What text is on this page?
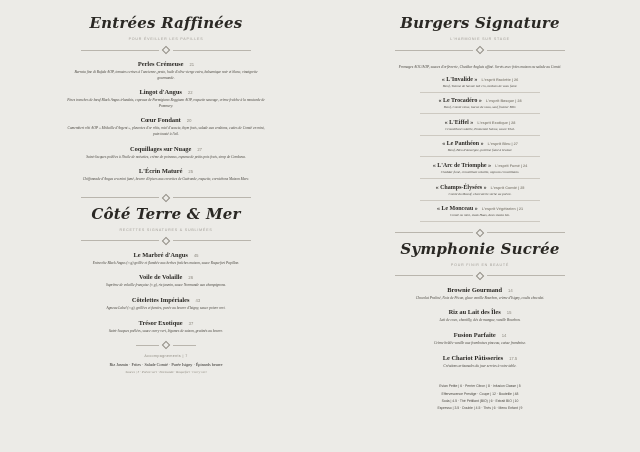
Entrées Raffinées
POUR ÉVEILLER LES PAPILLES
Perles Crémeuse 21
Burrata fine di Bufala AOP, tomates cerises à l'ancienne, pesto, huile d'olive vierge extra, balsamique noir et blanc, vinaigrette gourmande.
Lingot d'Angus 22
Fines tranches de bœuf Black Angus irlandais, copeaux de Parmigiano Reggiano AOP, roquette sauvage, crème fraîche à la moutarde de Pommery.
Cœur Fondant 20
Camembert rôti AOP « Médaille d'Argent », pleurotes d'or rôtis, miel d'acacia, thym frais, salade aux croûtons, cuites de Comté en mini, pain toasté à l'ail.
Coquillages sur Nuage 27
Saint-Jacques poêlées à l'huile de noisettes, crème de poireaux, espuma de petits pois frais, sirop de Combava.
L'Écrin Maturé 25
Chiffonnade d'Angus cru mini fumé, beurre d'épices aux crevettes de Guérande, roquette, cornichons Maison Marc.
Côté Terre & Mer
RECETTES SIGNATURES & SUBLIMÉES
Le Marbré d'Angus 45
Entrecôte Black Angus (≈ g) grillée et flambée aux herbes fraîches maison, sauce Roquefort Papillon.
Voile de Volaille 26
Suprême de volaille française (≈ g), riz jasmin, sauce Normande aux champignons.
Côtelettes Impériales 43
Agneau Label (≈ g), grillées et fumées, purée au beurre d'Isigny, sauce poivre vert.
Trésor Exotique 37
Saint-Jacques poêlées, sauce curry vert, légumes de saison, gratinés au beurre.
Accompagnements | 7
Riz Jasmin · Frites · Salade Comté · Purée Isigny · Épinards beurre
Sauces | 3 · Poivre vert · Normande · Roquefort · Curry vert
Burgers Signature
L'HARMONIE SUR STAGE
Fromages AOC/AOP, sauces d'orfèvrerie, Cheddar Anglais affiné. Servis avec frites maison ou salade au Comté.
« L'Invalide » L'esprit Raclette | 26
Bœuf, Tomme de Savoie lait cru, lardons de veau fumé.
« Le Trocadéro » L'esprit Basque | 28
Bœuf, Comté vieux, bacon de veau, sauf fromier BIO.
« L'Eiffel » L'esprit Exotique | 28
Croustillant volaille, Emmental Suisse, sauce Thaï.
« Le Panthéon » L'esprit Bleu | 27
Bœuf, Bleu d'Auvergne, poitrine fumé à braiser.
« L'Arc de Triomphe » L'esprit Fumé | 24
Cheddar fumé, croustillant volaille, oignons croustillants.
« Champs-Élysées » L'esprit Comté | 25
Comté du Massif, charcuterie sèche au poivre.
« Le Monceau » L'esprit Végétarien | 21
Comté ou mini, steak Haas, deux steaks bio.
Symphonie Sucrée
POUR FINIR EN BEAUTÉ
Brownie Gourmand 14
Chocolat Praliné, Noix de Pécan, glace vanille Bourbon, crème d'Isigny, coulis chocolat.
Riz au Lait des Îles 15
Lait de coco, chantilly, dés de mangue, vanille Bourbon.
Fusion Parfaite 14
Crème brûlée vanille aux framboises pinceau, caisse framboise.
Le Chariot Pâtisseries 17.5
Créations artisanales du jour servies à votre table.
Evian Petite | 6 · Perrier Citron | 8 · Infusion Classe | 5
Effervescence Prestige · Coupe | 12 · Bouteille | 48
Soda | 4.5 · Thé Pétillant (BIO) | 6 · Extrait BIO | 10
Espresso | 3.5 · Double | 4.5 · Thés | 6 · Menu Enfant | 9
